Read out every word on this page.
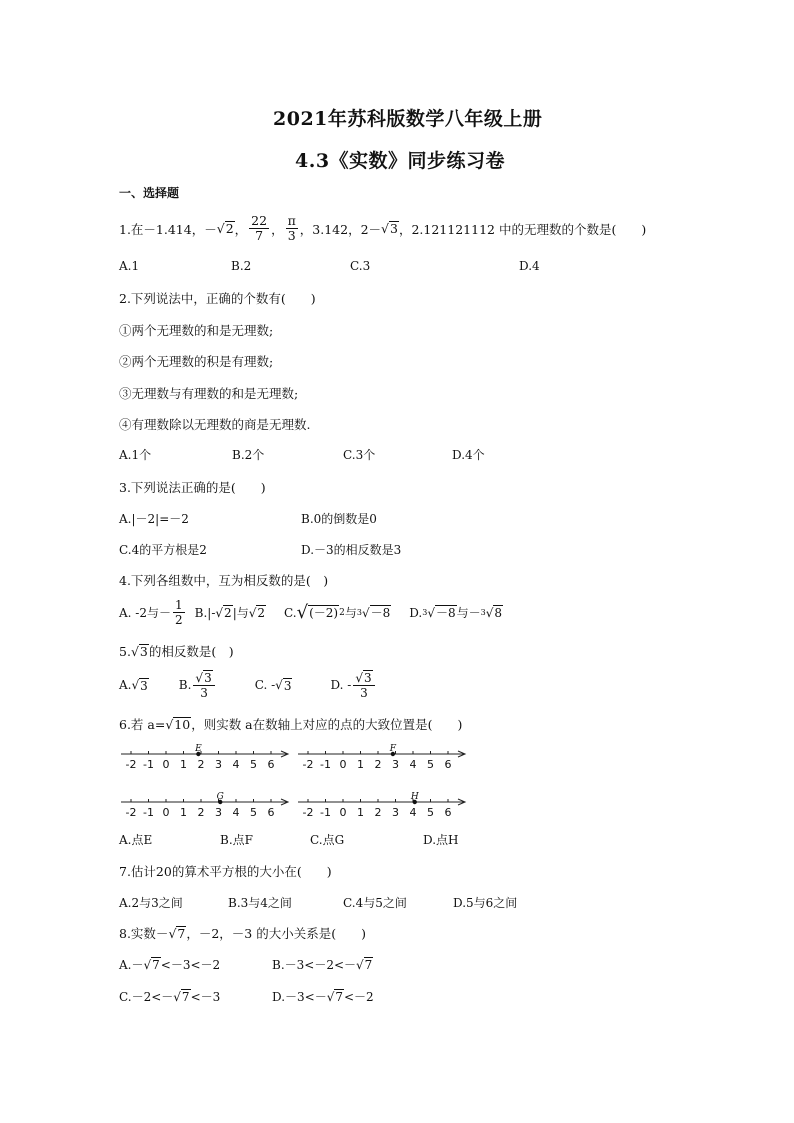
2021年苏科版数学八年级上册
4.3《实数》同步练习卷
一、选择题
1.在－1.414，－ √ 2 ， $\frac{22}{7}$ ， $\frac{\pi}{3}$ ，3.142，2－ √ 3 ，2.121121112 中的无理数的个数是(　　)
A.1	B.2	C.3	D.4
2.下列说法中，正确的个数有(　　)
①两个无理数的和是无理数;
②两个无理数的积是有理数;
③无理数与有理数的和是无理数;
④有理数除以无理数的商是无理数.
A.1个	B.2个	C.3个	D.4个
3.下列说法正确的是(　　)
A.|－2|=－2	B.0的倒数是0
C.4的平方根是2	D.－3的相反数是3
4.下列各组数中，互为相反数的是(　)
A. -2与 － $\frac{1}{2} B.|-$ √ 2 |与 √ 2 C. √ (－2) 2 与 3 √ －8 D. 3 √ －8 与－ 3 √ 8
5. √ 3 的相反数是(　)
A. √ 3	B. $\frac{√3}{3}$	C. - √ 3	D. - $\frac{√3}{3}$
6.若 a= √ 10 ，则实数 a在数轴上对应的点的大致位置是(　　)
-2 -1 0 1 2 3 4 5 6
E
-2 -1 0 1 2 3 4 5 6
F
-2 -1 0 1 2 3 4 5 6
G
-2 -1 0 1 2 3 4 5 6
H
A.点E	B.点F	C.点G	D.点H
7.估计20的算术平方根的大小在(　　)
A.2与3之间	B.3与4之间	C.4与5之间	D.5与6之间
8.实数－ √ 7 ，－2，－3 的大小关系是(　　)
A.－ √ 7 <－3<－2	B.－3<－2<－ √ 7
C.－2<－ √ 7 <－3	D.－3<－ √ 7 <－2
